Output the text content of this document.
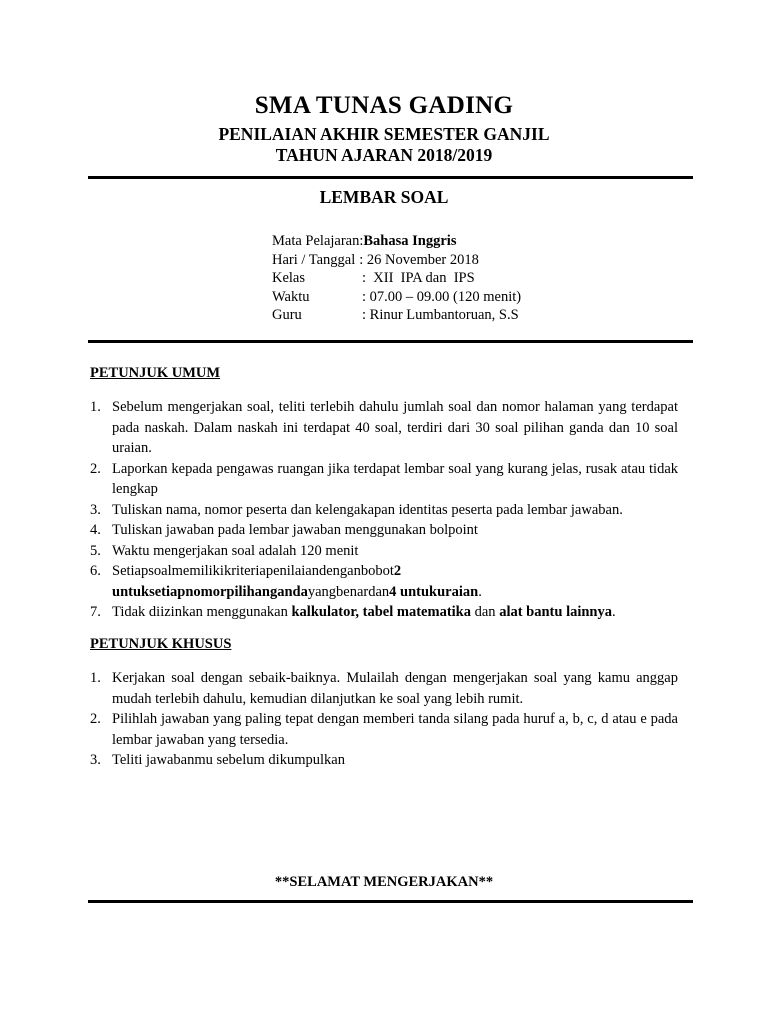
SMA TUNAS GADING
PENILAIAN AKHIR SEMESTER GANJIL
TAHUN AJARAN 2018/2019
LEMBAR SOAL
Mata Pelajaran: Bahasa Inggris
Hari / Tanggal : 26 November 2018
Kelas	:  XII  IPA dan  IPS
Waktu	: 07.00 – 09.00 (120 menit)
Guru	: Rinur Lumbantoruan, S.S
PETUNJUK UMUM
1. Sebelum mengerjakan soal, teliti terlebih dahulu jumlah soal dan nomor halaman yang terdapat pada naskah. Dalam naskah ini terdapat 40 soal, terdiri dari 30 soal pilihan ganda dan 10 soal uraian.
2. Laporkan kepada pengawas ruangan jika terdapat lembar soal yang kurang jelas, rusak atau tidak lengkap
3. Tuliskan nama, nomor peserta dan kelengakapan identitas peserta pada lembar jawaban.
4. Tuliskan jawaban pada lembar jawaban menggunakan bolpoint
5. Waktu mengerjakan soal adalah 120 menit
6. Setiapsoalmemilikikriteriapenilaiandenganbobot2 untuksetiapnomorpilihangandayangbenardan4 untukuraian.
7. Tidak diizinkan menggunakan kalkulator, tabel matematika dan alat bantu lainnya.
PETUNJUK KHUSUS
1. Kerjakan soal dengan sebaik-baiknya. Mulailah dengan mengerjakan soal yang kamu anggap mudah terlebih dahulu, kemudian dilanjutkan ke soal yang lebih rumit.
2. Pilihlah jawaban yang paling tepat dengan memberi tanda silang pada huruf a, b, c, d atau e pada lembar jawaban yang tersedia.
3. Teliti jawabanmu sebelum dikumpulkan
**SELAMAT MENGERJAKAN**
